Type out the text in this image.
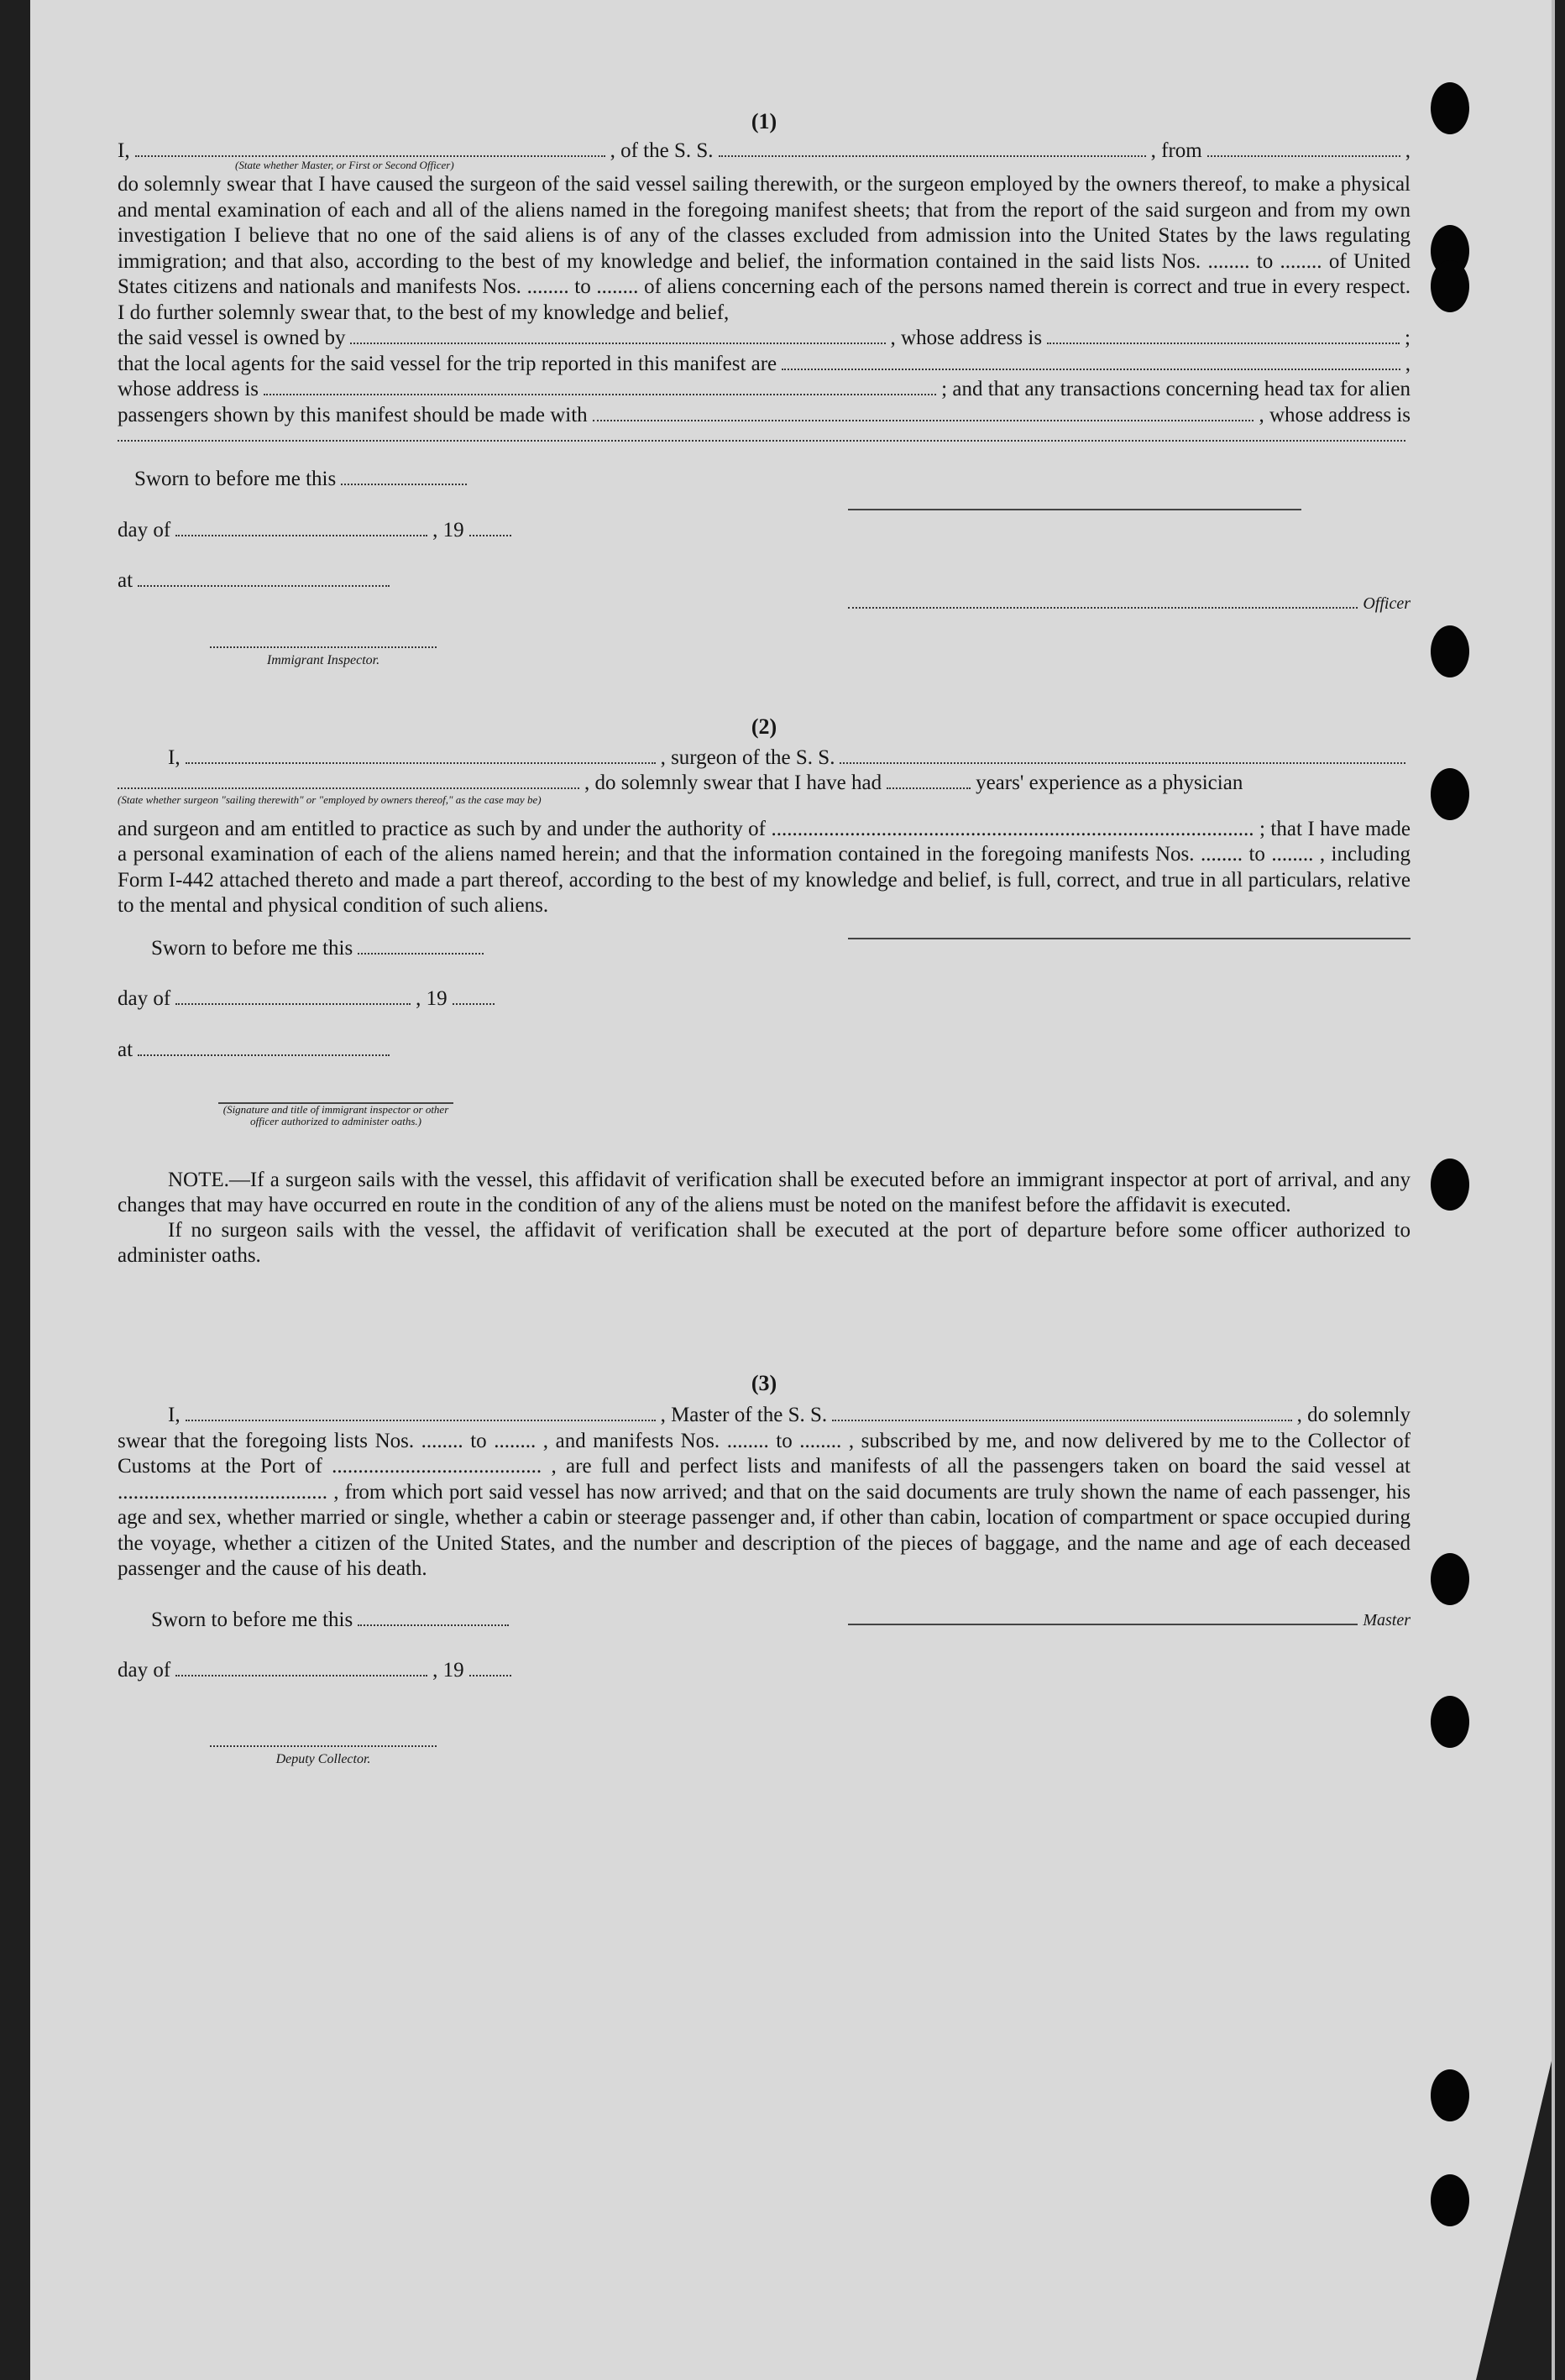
(1)
I,	, of the S. S.	, from	,
(State whether Master, or First or Second Officer)
do solemnly swear that I have caused the surgeon of the said vessel sailing therewith, or the surgeon employed by the owners thereof, to make a physical and mental examination of each and all of the aliens named in the foregoing manifest sheets; that from the report of the said surgeon and from my own investigation I believe that no one of the said aliens is of any of the classes excluded from admission into the United States by the laws regulating immigration; and that also, according to the best of my knowledge and belief, the information contained in the said lists Nos. ........ to ........ of United States citizens and nationals and manifests Nos. ........ to ........ of aliens concerning each of the persons named therein is correct and true in every respect. I do further solemnly swear that, to the best of my knowledge and belief,
the said vessel is owned by	, whose address is	;
that the local agents for the said vessel for the trip reported in this manifest are	,
whose address is	; and that any transactions concerning head tax for alien
passengers shown by this manifest should be made with	, whose address is
Sworn to before me this
day of	, 19
at
Immigrant Inspector.
Officer
(2)
I,	, surgeon of the S. S.
, do solemnly swear that I have had	years' experience as a physician
(State whether surgeon "sailing therewith" or "employed by owners thereof," as the case may be)
and surgeon and am entitled to practice as such by and under the authority of ............................................................................................ ; that I have made a personal examination of each of the aliens named herein; and that the information contained in the foregoing manifests Nos. ........ to ........ , including Form I-442 attached thereto and made a part thereof, according to the best of my knowledge and belief, is full, correct, and true in all particulars, relative to the mental and physical condition of such aliens.
Sworn to before me this
day of	, 19
at
(Signature and title of immigrant inspector or other officer authorized to administer oaths.)
NOTE.—If a surgeon sails with the vessel, this affidavit of verification shall be executed before an immigrant inspector at port of arrival, and any changes that may have occurred en route in the condition of any of the aliens must be noted on the manifest before the affidavit is executed.
If no surgeon sails with the vessel, the affidavit of verification shall be executed at the port of departure before some officer authorized to administer oaths.
(3)
I,	, Master of the S. S.	, do solemnly
swear that the foregoing lists Nos. ........ to ........ , and manifests Nos. ........ to ........ , subscribed by me, and now delivered by me to the Collector of Customs at the Port of ........................................ , are full and perfect lists and manifests of all the passengers taken on board the said vessel at ........................................ , from which port said vessel has now arrived; and that on the said documents are truly shown the name of each passenger, his age and sex, whether married or single, whether a cabin or steerage passenger and, if other than cabin, location of compartment or space occupied during the voyage, whether a citizen of the United States, and the number and description of the pieces of baggage, and the name and age of each deceased passenger and the cause of his death.
Sworn to before me this
day of	, 19
Deputy Collector.
Master
